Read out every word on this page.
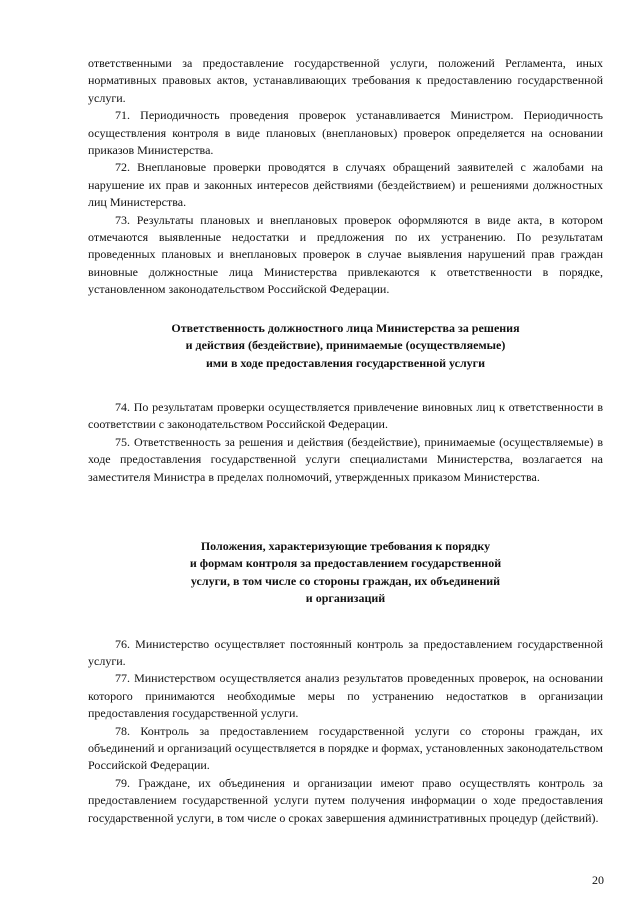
ответственными за предоставление государственной услуги, положений Регламента, иных нормативных правовых актов, устанавливающих требования к предоставлению государственной услуги.

71. Периодичность проведения проверок устанавливается Министром. Периодичность осуществления контроля в виде плановых (внеплановых) проверок определяется на основании приказов Министерства.

72. Внеплановые проверки проводятся в случаях обращений заявителей с жалобами на нарушение их прав и законных интересов действиями (бездействием) и решениями должностных лиц Министерства.

73. Результаты плановых и внеплановых проверок оформляются в виде акта, в котором отмечаются выявленные недостатки и предложения по их устранению. По результатам проведенных плановых и внеплановых проверок в случае выявления нарушений прав граждан виновные должностные лица Министерства привлекаются к ответственности в порядке, установленном законодательством Российской Федерации.

Ответственность должностного лица Министерства за решения
и действия (бездействие), принимаемые (осуществляемые)
ими в ходе предоставления государственной услуги

74. По результатам проверки осуществляется привлечение виновных лиц к ответственности в соответствии с законодательством Российской Федерации.

75. Ответственность за решения и действия (бездействие), принимаемые (осуществляемые) в ходе предоставления государственной услуги специалистами Министерства, возлагается на заместителя Министра в пределах полномочий, утвержденных приказом Министерства.

Положения, характеризующие требования к порядку
и формам контроля за предоставлением государственной
услуги, в том числе со стороны граждан, их объединений
и организаций

76. Министерство осуществляет постоянный контроль за предоставлением государственной услуги.

77. Министерством осуществляется анализ результатов проведенных проверок, на основании которого принимаются необходимые меры по устранению недостатков в организации предоставления государственной услуги.

78. Контроль за предоставлением государственной услуги со стороны граждан, их объединений и организаций осуществляется в порядке и формах, установленных законодательством Российской Федерации.

79. Граждане, их объединения и организации имеют право осуществлять контроль за предоставлением государственной услуги путем получения информации о ходе предоставления государственной услуги, в том числе о сроках завершения административных процедур (действий).

20
